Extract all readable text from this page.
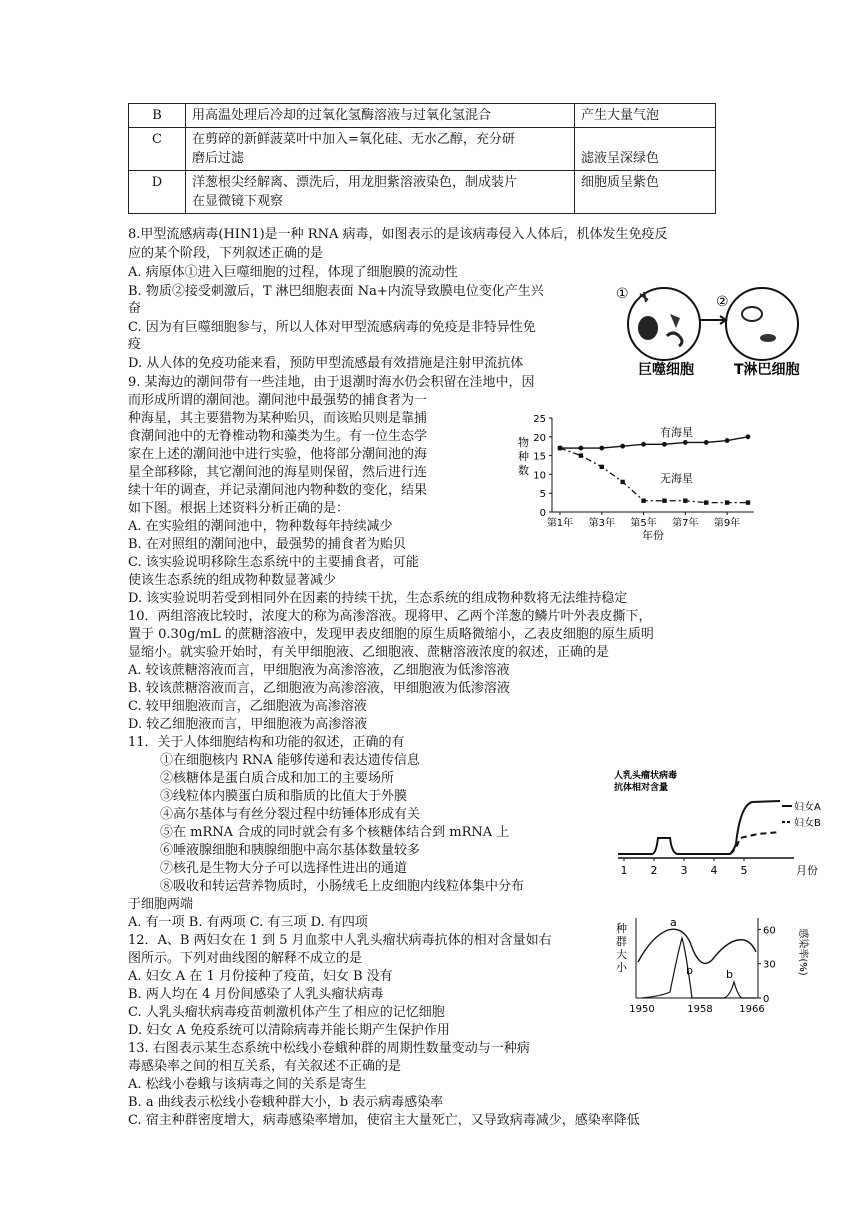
B	用高温处理后冷却的过氧化氢酶溶液与过氧化氢混合	产生大量气泡
C	在剪碎的新鲜菠菜叶中加入=氧化硅、无水乙醇，充分研
磨后过滤	滤液呈深绿色
D	洋葱根尖经解离、漂洗后，用龙胆紫溶液染色，制成装片
在显微镜下观察	细胞质呈紫色
8.甲型流感病毒(HIN1)是一种 RNA 病毒，如图表示的是该病毒侵入人体后，机体发生免疫反
应的某个阶段，下列叙述正确的是
A. 病原体①进入巨噬细胞的过程，体现了细胞膜的流动性
B. 物质②接受刺激后，T 淋巴细胞表面 Na+内流导致膜电位变化产生兴
奋
C. 因为有巨噬细胞参与，所以人体对甲型流感病毒的免疫是非特异性免
疫
D. 从人体的免疫功能来看，预防甲型流感最有效措施是注射甲流抗体
①	②
巨噬细胞	T淋巴细胞
9. 某海边的潮间带有一些洼地，由于退潮时海水仍会积留在洼地中，因
而形成所谓的潮间池。潮间池中最强势的捕食者为一
种海星，其主要猎物为某种贻贝，而该贻贝则是靠捕
食潮间池中的无脊椎动物和藻类为生。有一位生态学
家在上述的潮间池中进行实验，他将部分潮间池的海
星全部移除，其它潮间池的海星则保留，然后进行连
续十年的调查，并记录潮间池内物种数的变化，结果
如下图。根据上述资料分析正确的是：
A. 在实验组的潮间池中，物种数每年持续减少
B. 在对照组的潮间池中，最强势的捕食者为贻贝
C. 该实验说明移除生态系统中的主要捕食者，可能
使该生态系统的组成物种数显著减少
D. 该实验说明若受到相同外在因素的持续干扰，生态系统的组成物种数将无法维持稳定
0
5
10
15
20
25
第1年 第3年 第5年 第7年 第9年
年份
物
种
数
有海星
无海星
10．两组溶液比较时，浓度大的称为高渗溶液。现将甲、乙两个洋葱的鳞片叶外表皮撕下，
置于 0.30g/mL 的蔗糖溶液中，发现甲表皮细胞的原生质略微缩小，乙表皮细胞的原生质明
显缩小。就实验开始时，有关甲细胞液、乙细胞液、蔗糖溶液浓度的叙述，正确的是
A. 较该蔗糖溶液而言，甲细胞液为高渗溶液，乙细胞液为低渗溶液
B. 较该蔗糖溶液而言，乙细胞液为高渗溶液，甲细胞液为低渗溶液
C. 较甲细胞液而言，乙细胞液为高渗溶液
D. 较乙细胞液而言，甲细胞液为高渗溶液
11．关于人体细胞结构和功能的叙述，正确的有
①在细胞核内 RNA 能够传递和表达遗传信息
②核糖体是蛋白质合成和加工的主要场所
③线粒体内膜蛋白质和脂质的比值大于外膜
④高尔基体与有丝分裂过程中纺锤体形成有关
⑤在 mRNA 合成的同时就会有多个核糖体结合到 mRNA 上
⑥唾液腺细胞和胰腺细胞中高尔基体数量较多
⑦核孔是生物大分子可以选择性进出的通道
⑧吸收和转运营养物质时，小肠绒毛上皮细胞内线粒体集中分布
于细胞两端
A. 有一项 B. 有两项 C. 有三项 D. 有四项
人乳头瘤状病毒
抗体相对含量
1 2 3 4 5	月份
妇女A
妇女B
12．A、B 两妇女在 1 到 5 月血浆中人乳头瘤状病毒抗体的相对含量如右
图所示。下列对曲线图的解释不成立的是
A. 妇女 A 在 1 月份接种了疫苗，妇女 B 没有
B. 两人均在 4 月份间感染了人乳头瘤状病毒
C. 人乳头瘤状病毒疫苗刺激机体产生了相应的记忆细胞
D. 妇女 A 免疫系统可以清除病毒并能长期产生保护作用
种
群
大
小
0
30
60 感染率(%)
1950	1958	1966
a
b	b
13. 右图表示某生态系统中松线小卷蛾种群的周期性数量变动与一种病
毒感染率之间的相互关系，有关叙述不正确的是
A. 松线小卷蛾与该病毒之间的关系是寄生
B. a 曲线表示松线小卷蛾种群大小，b 表示病毒感染率
C. 宿主种群密度增大，病毒感染率增加，使宿主大量死亡，又导致病毒减少，感染率降低
